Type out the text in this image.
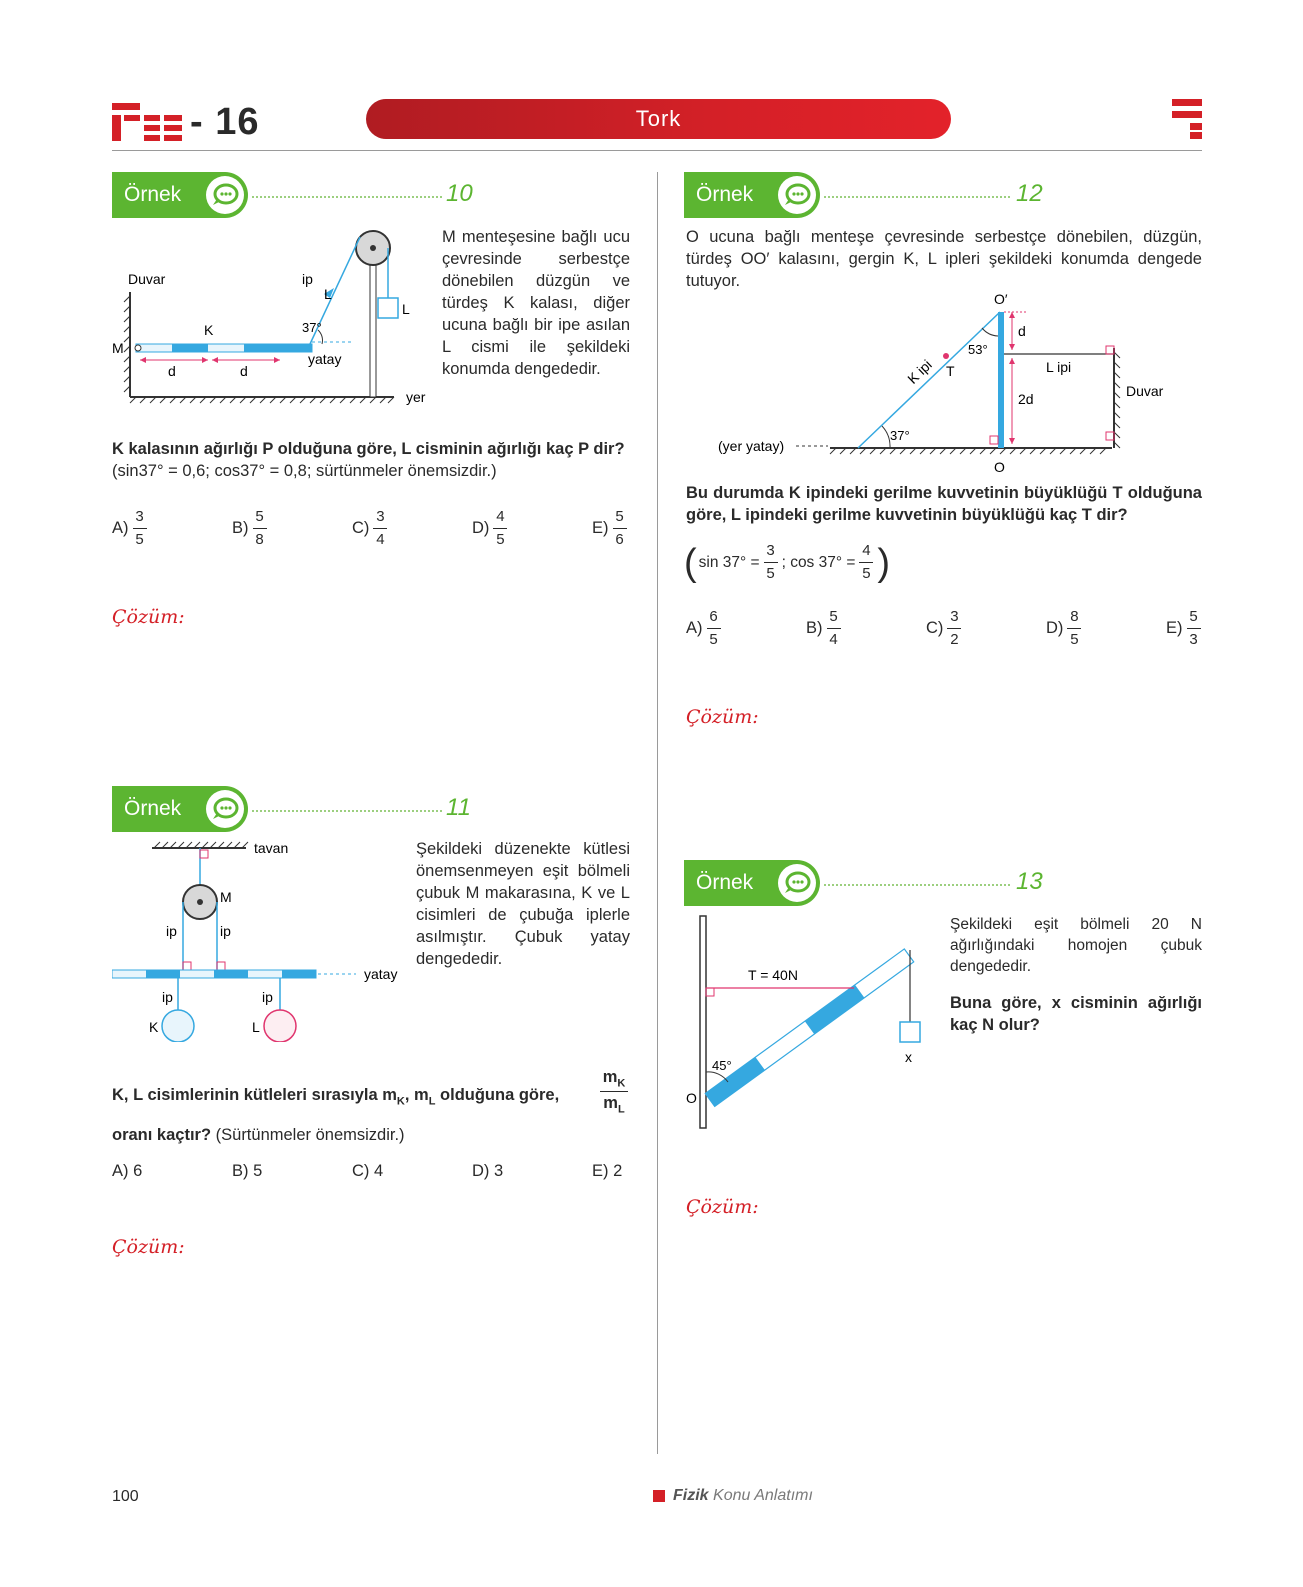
- 16	Tork
Örnek	10
Duvar
M
yer
K
ip
L
37°
yatay
L
d	d
M menteşesine bağlı ucu çevresinde serbestçe dönebilen düzgün ve türdeş K kalası, diğer ucuna bağlı bir ipe asılan L cismi ile şekildeki konumda dengededir.
K kalasının ağırlığı P olduğuna göre, L cisminin ağırlığı kaç P dir?
(sin37° = 0,6; cos37° = 0,8; sürtünmeler önemsizdir.)
$A) \frac{3}{5}$	$B) \frac{5}{8}$	$C) \frac{3}{4}$	$D) \frac{4}{5}$	$E) \frac{5}{6}$
Çözüm:
Örnek	11
tavan
M
ip	ip
yatay
ip	ip
K	L
Şekildeki düzenekte kütlesi önemsenmeyen eşit bölmeli çubuk M makarasına, K ve L cisimleri de çubuğa iplerle asılmıştır. Çubuk yatay dengededir.
K, L cisimlerinin kütleleri sırasıyla $m_K$, $m_L$ olduğuna göre,
$m_K$
$m_L$
oranı kaçtır? (Sürtünmeler önemsizdir.)
A) 6	B) 5	C) 4	D) 3	E) 2
Çözüm:
Örnek	12
O ucuna bağlı menteşe çevresinde serbestçe dönebilen, düzgün, türdeş OO′ kalasını, gergin K, L ipleri şekildeki konumda dengede tutuyor.
(yer yatay)
Duvar
O′
O
37°
53°
T
K ipi	L ipi
d
2d
Bu durumda K ipindeki gerilme kuvvetinin büyüklüğü T olduğuna göre, L ipindeki gerilme kuvvetinin büyüklüğü kaç T dir?
( $\sin 37^\circ = \frac{3}{5}$ ; $\cos 37^\circ = \frac{4}{5}$ )
$A) \frac{6}{5}$	$B) \frac{5}{4}$	$C) \frac{3}{2}$	$D) \frac{8}{5}$	$E) \frac{5}{3}$
Çözüm:
Örnek	13
O
T = 40N
x
45°
Şekildeki eşit bölmeli 20 N ağırlığındaki homojen çubuk dengededir.
Buna göre, x cisminin ağırlığı kaç N olur?
Çözüm:
100	Fizik Konu Anlatımı
